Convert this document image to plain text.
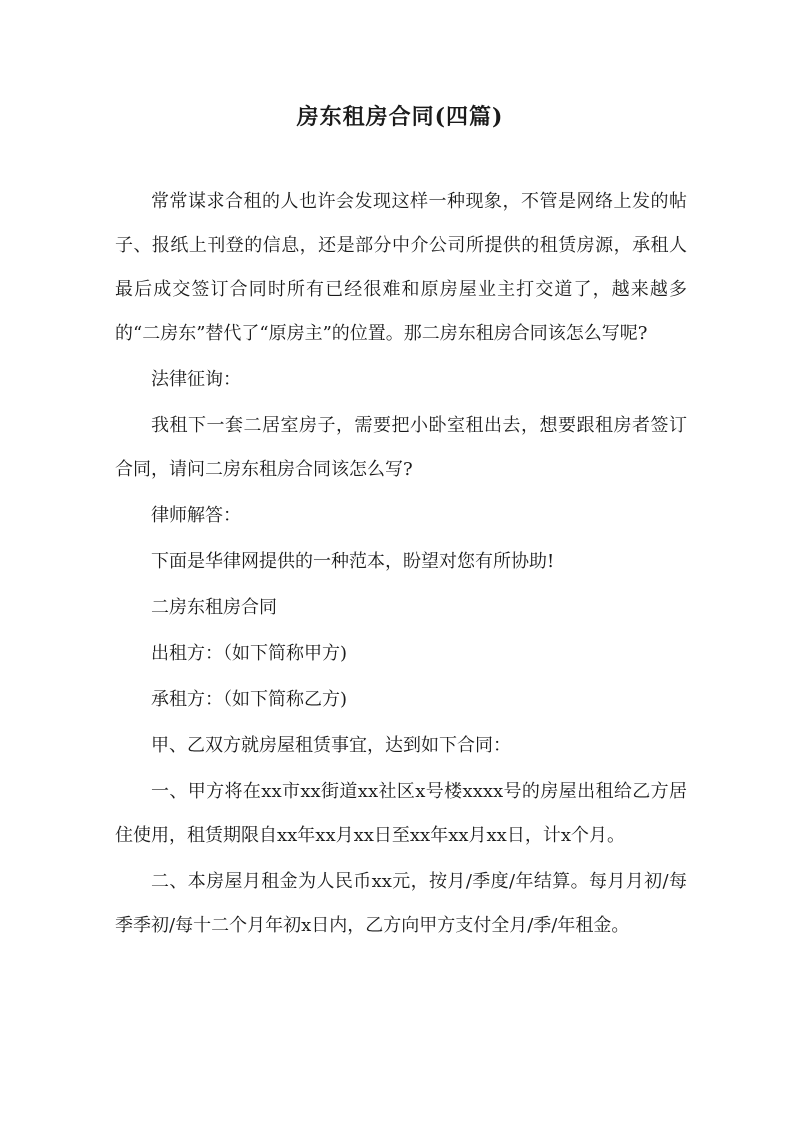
房东租房合同(四篇)

常常谋求合租的人也许会发现这样一种现象，不管是网络上发的帖子、报纸上刊登的信息，还是部分中介公司所提供的租赁房源，承租人最后成交签订合同时所有已经很难和原房屋业主打交道了，越来越多的“二房东”替代了“原房主”的位置。那二房东租房合同该怎么写呢?

法律征询：

我租下一套二居室房子，需要把小卧室租出去，想要跟租房者签订合同，请问二房东租房合同该怎么写?

律师解答：

下面是华律网提供的一种范本，盼望对您有所协助!

二房东租房合同

出租方：（如下简称甲方)

承租方：（如下简称乙方)

甲、乙双方就房屋租赁事宜，达到如下合同：

一、甲方将在xx市xx街道xx社区x号楼xxxx号的房屋出租给乙方居住使用，租赁期限自xx年xx月xx日至xx年xx月xx日，计x个月。

二、本房屋月租金为人民币xx元，按月/季度/年结算。每月月初/每季季初/每十二个月年初x日内，乙方向甲方支付全月/季/年租金。
